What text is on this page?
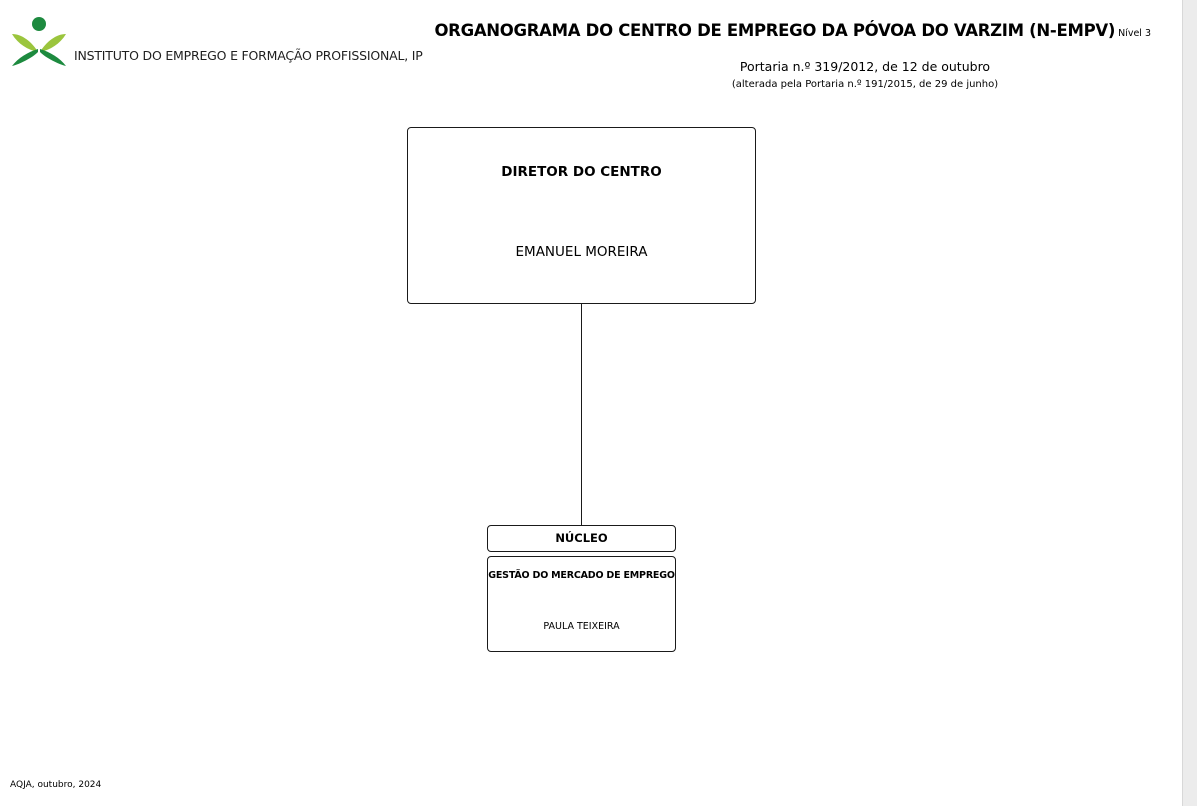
INSTITUTO DO EMPREGO E FORMAÇÃO PROFISSIONAL, IP
ORGANOGRAMA DO CENTRO DE EMPREGO DA PÓVOA DO VARZIM (N-EMPV) Nível 3
Portaria n.º 319/2012, de 12 de outubro
(alterada pela Portaria n.º 191/2015, de 29 de junho)
DIRETOR DO CENTRO
EMANUEL MOREIRA
NÚCLEO
GESTÃO DO MERCADO DE EMPREGO
PAULA TEIXEIRA
AQJA, outubro, 2024
